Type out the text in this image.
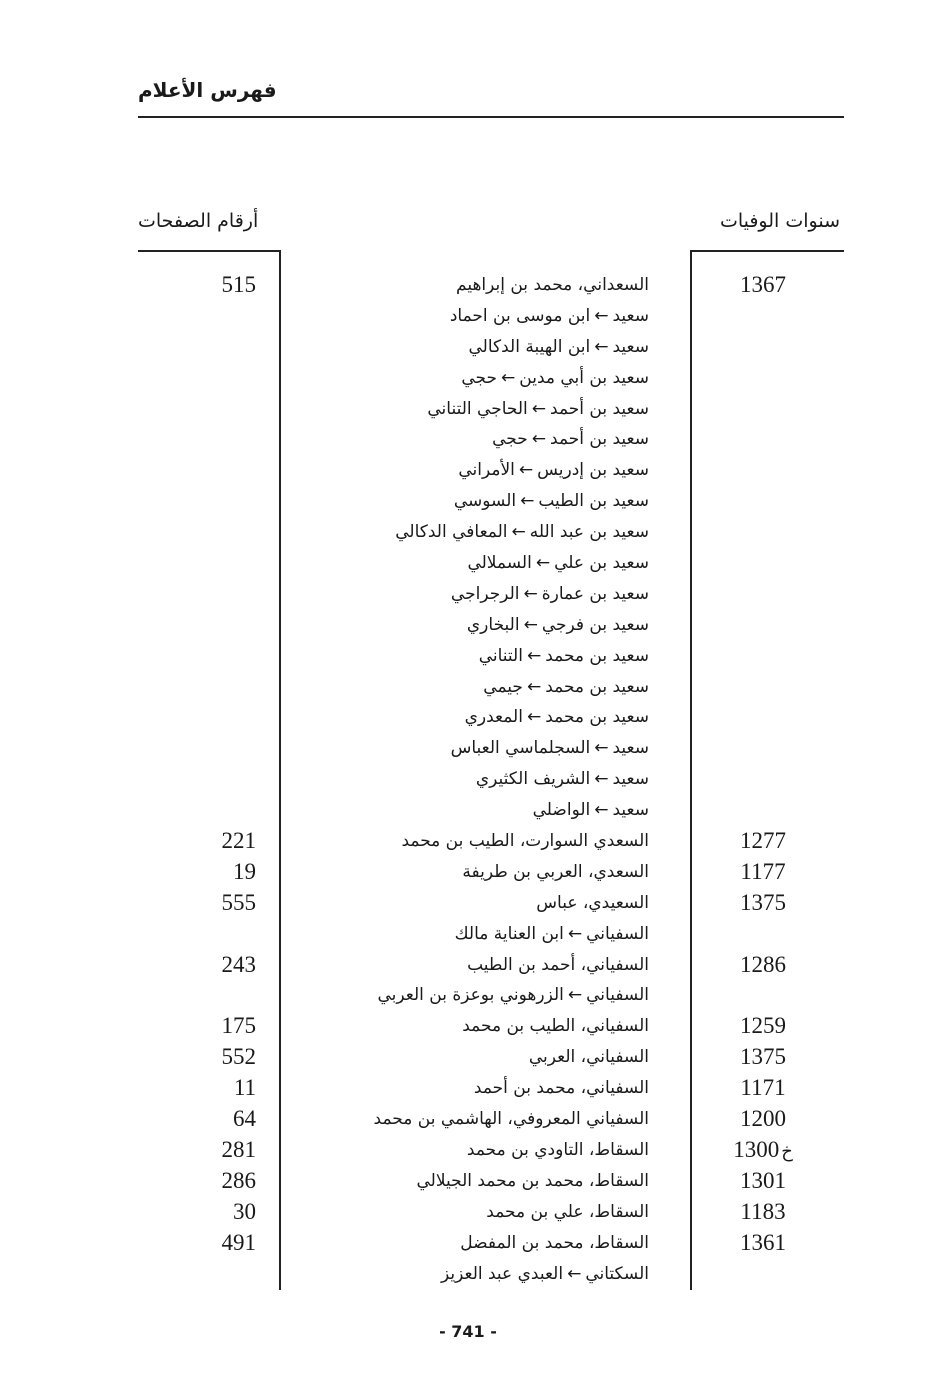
فهرس الأعلام
أرقام الصفحات	سنوات الوفيات
515	السعداني، محمد بن إبراهيم	1367
سعيد←ابن موسى بن احماد
سعيد←ابن الهيبة الدكالي
سعيد بن أبي مدين←حجي
سعيد بن أحمد←الحاجي التناني
سعيد بن أحمد←حجي
سعيد بن إدريس←الأمراني
سعيد بن الطيب←السوسي
سعيد بن عبد الله←المعافي الدكالي
سعيد بن علي←السملالي
سعيد بن عمارة←الرجراجي
سعيد بن فرجي←البخاري
سعيد بن محمد←التناني
سعيد بن محمد←جيمي
سعيد بن محمد←المعدري
سعيد←السجلماسي العباس
سعيد←الشريف الكثيري
سعيد←الواضلي
221	السعدي السوارت، الطيب بن محمد	1277
19	السعدي، العربي بن طريفة	1177
555	السعيدي، عباس	1375
السفياني←ابن العناية مالك
243	السفياني، أحمد بن الطيب	1286
السفياني←الزرهوني بوعزة بن العربي
175	السفياني، الطيب بن محمد	1259
552	السفياني، العربي	1375
11	السفياني، محمد بن أحمد	1171
64	السفياني المعروفي، الهاشمي بن محمد	1200
281	السقاط، التاودي بن محمد	1300 خ
286	السقاط، محمد بن محمد الجيلالي	1301
30	السقاط، علي بن محمد	1183
491	السقاط، محمد بن المفضل	1361
السكتاني←العبدي عبد العزيز
- 741 -
